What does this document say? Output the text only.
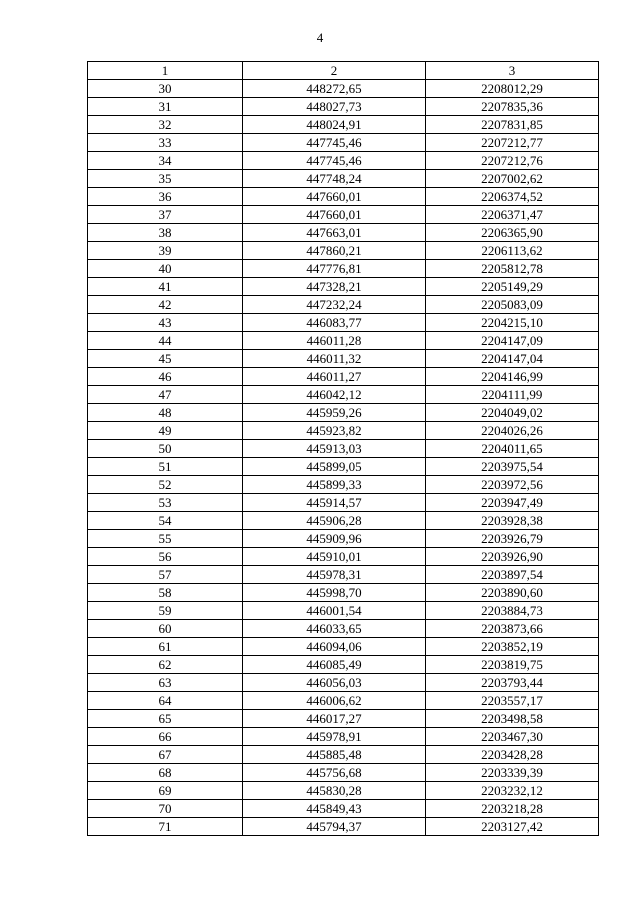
4
1	2	3
30	448272,65	2208012,29
31	448027,73	2207835,36
32	448024,91	2207831,85
33	447745,46	2207212,77
34	447745,46	2207212,76
35	447748,24	2207002,62
36	447660,01	2206374,52
37	447660,01	2206371,47
38	447663,01	2206365,90
39	447860,21	2206113,62
40	447776,81	2205812,78
41	447328,21	2205149,29
42	447232,24	2205083,09
43	446083,77	2204215,10
44	446011,28	2204147,09
45	446011,32	2204147,04
46	446011,27	2204146,99
47	446042,12	2204111,99
48	445959,26	2204049,02
49	445923,82	2204026,26
50	445913,03	2204011,65
51	445899,05	2203975,54
52	445899,33	2203972,56
53	445914,57	2203947,49
54	445906,28	2203928,38
55	445909,96	2203926,79
56	445910,01	2203926,90
57	445978,31	2203897,54
58	445998,70	2203890,60
59	446001,54	2203884,73
60	446033,65	2203873,66
61	446094,06	2203852,19
62	446085,49	2203819,75
63	446056,03	2203793,44
64	446006,62	2203557,17
65	446017,27	2203498,58
66	445978,91	2203467,30
67	445885,48	2203428,28
68	445756,68	2203339,39
69	445830,28	2203232,12
70	445849,43	2203218,28
71	445794,37	2203127,42
